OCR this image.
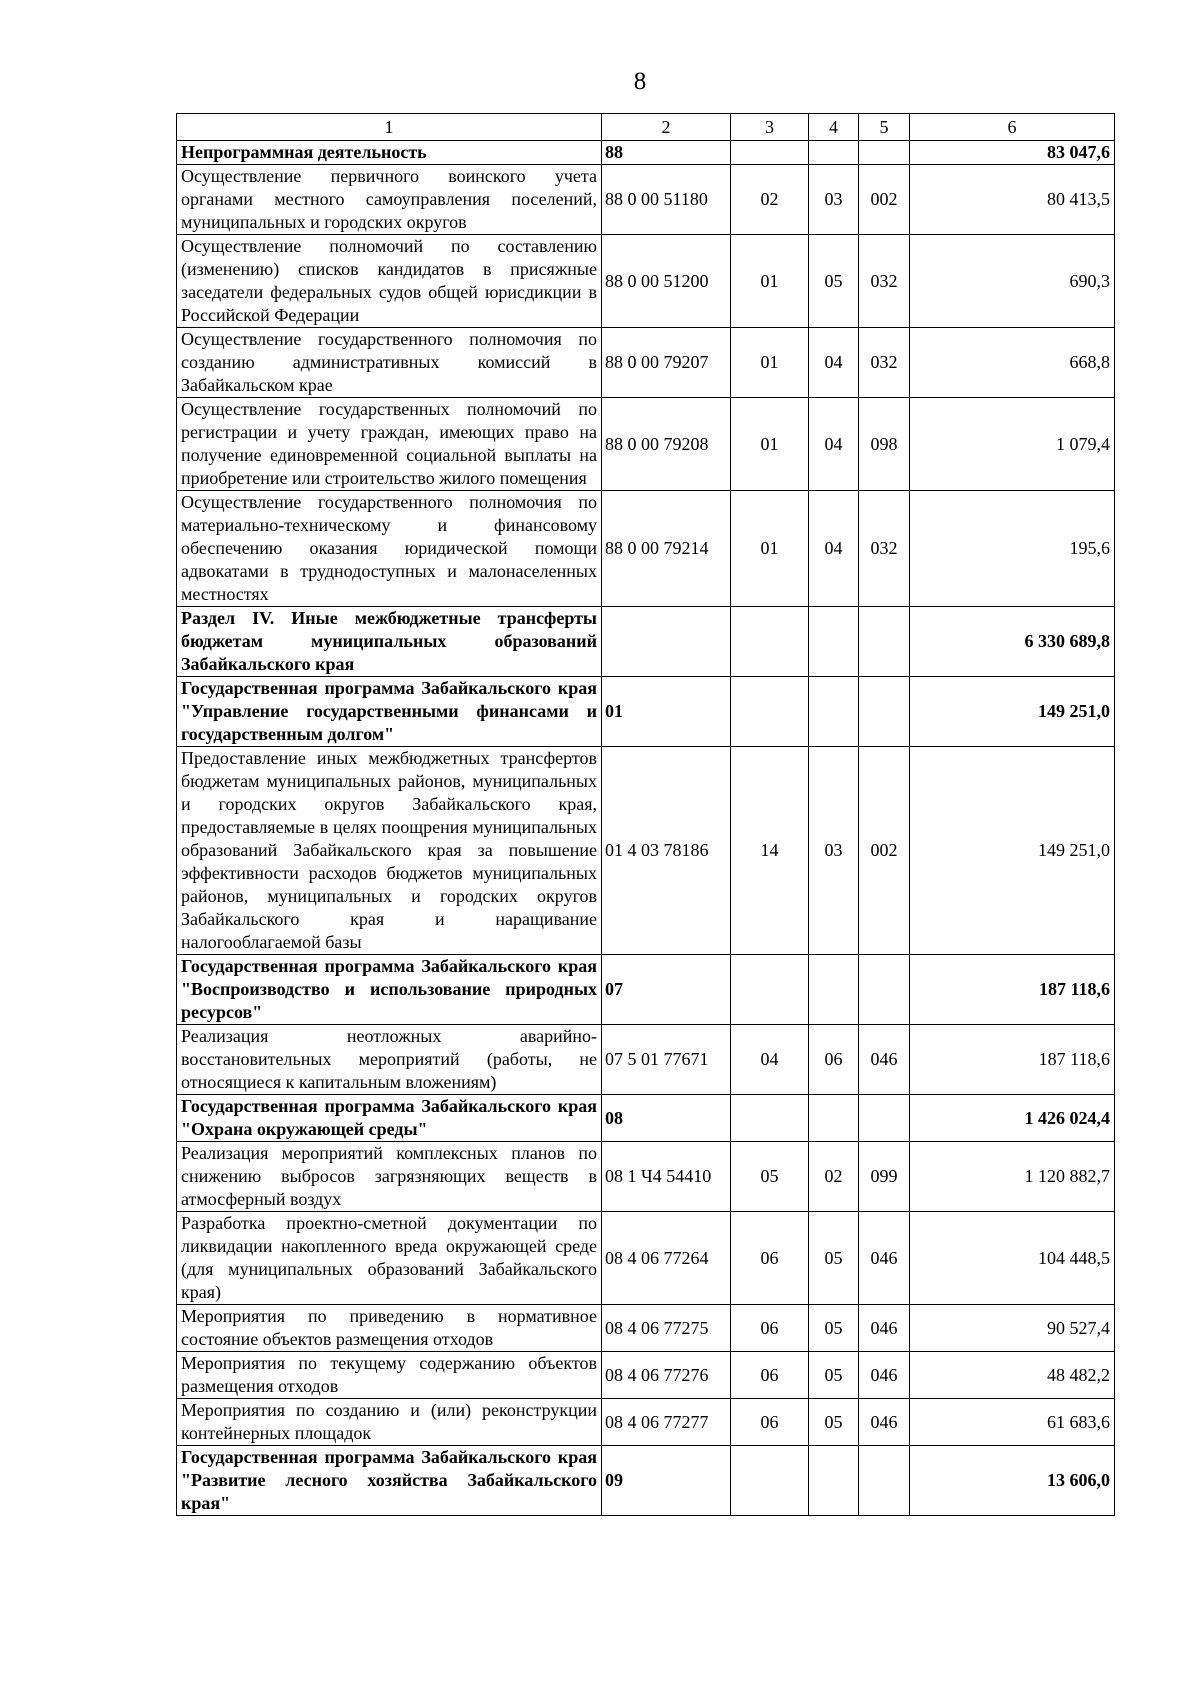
8
1	2	3	4	5	6
Непрограммная деятельность	88				83 047,6
Осуществление первичного воинского учета органами местного самоуправления поселений, муниципальных и городских округов	88 0 00 51180	02	03	002	80 413,5
Осуществление полномочий по составлению (изменению) списков кандидатов в присяжные заседатели федеральных судов общей юрисдикции в Российской Федерации	88 0 00 51200	01	05	032	690,3
Осуществление государственного полномочия по созданию административных комиссий в Забайкальском крае	88 0 00 79207	01	04	032	668,8
Осуществление государственных полномочий по регистрации и учету граждан, имеющих право на получение единовременной социальной выплаты на приобретение или строительство жилого помещения	88 0 00 79208	01	04	098	1 079,4
Осуществление государственного полномочия по материально-техническому и финансовому обеспечению оказания юридической помощи адвокатами в труднодоступных и малонаселенных местностях	88 0 00 79214	01	04	032	195,6
Раздел IV. Иные межбюджетные трансферты бюджетам муниципальных образований Забайкальского края					6 330 689,8
Государственная программа Забайкальского края "Управление государственными финансами и государственным долгом"	01				149 251,0
Предоставление иных межбюджетных трансфертов бюджетам муниципальных районов, муниципальных и городских округов Забайкальского края, предоставляемые в целях поощрения муниципальных образований Забайкальского края за повышение эффективности расходов бюджетов муниципальных районов, муниципальных и городских округов Забайкальского края и наращивание налогооблагаемой базы	01 4 03 78186	14	03	002	149 251,0
Государственная программа Забайкальского края "Воспроизводство и использование природных ресурсов"	07				187 118,6
Реализация неотложных аварийно-восстановительных мероприятий (работы, не относящиеся к капитальным вложениям)	07 5 01 77671	04	06	046	187 118,6
Государственная программа Забайкальского края "Охрана окружающей среды"	08				1 426 024,4
Реализация мероприятий комплексных планов по снижению выбросов загрязняющих веществ в атмосферный воздух	08 1 Ч4 54410	05	02	099	1 120 882,7
Разработка проектно-сметной документации по ликвидации накопленного вреда окружающей среде (для муниципальных образований Забайкальского края)	08 4 06 77264	06	05	046	104 448,5
Мероприятия по приведению в нормативное состояние объектов размещения отходов	08 4 06 77275	06	05	046	90 527,4
Мероприятия по текущему содержанию объектов размещения отходов	08 4 06 77276	06	05	046	48 482,2
Мероприятия по созданию и (или) реконструкции контейнерных площадок	08 4 06 77277	06	05	046	61 683,6
Государственная программа Забайкальского края "Развитие лесного хозяйства Забайкальского края"	09				13 606,0
